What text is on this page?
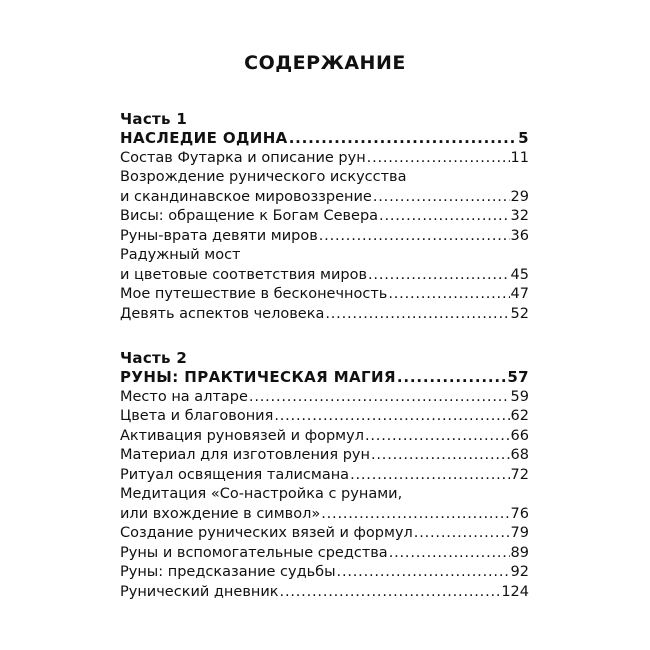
СОДЕРЖАНИЕ
Часть 1
НАСЛЕДИЕ ОДИНА .....	5
Состав Футарка и описание рун .....	11
Возрождение рунического искусства
и скандинавское мировоззрение .....	29
Висы: обращение к Богам Севера .....	32
Руны-врата девяти миров .....	36
Радужный мост
и цветовые соответствия миров .....	45
Мое путешествие в бесконечность .....	47
Девять аспектов человека .....	52
Часть 2
РУНЫ: ПРАКТИЧЕСКАЯ МАГИЯ .....	57
Место на алтаре .....	59
Цвета и благовония .....	62
Активация руновязей и формул .....	66
Материал для изготовления рун .....	68
Ритуал освящения талисмана .....	72
Медитация «Со-настройка с рунами,
или вхождение в символ» .....	76
Создание рунических вязей и формул .....	79
Руны и вспомогательные средства .....	89
Руны: предсказание судьбы .....	92
Рунический дневник .....	124
